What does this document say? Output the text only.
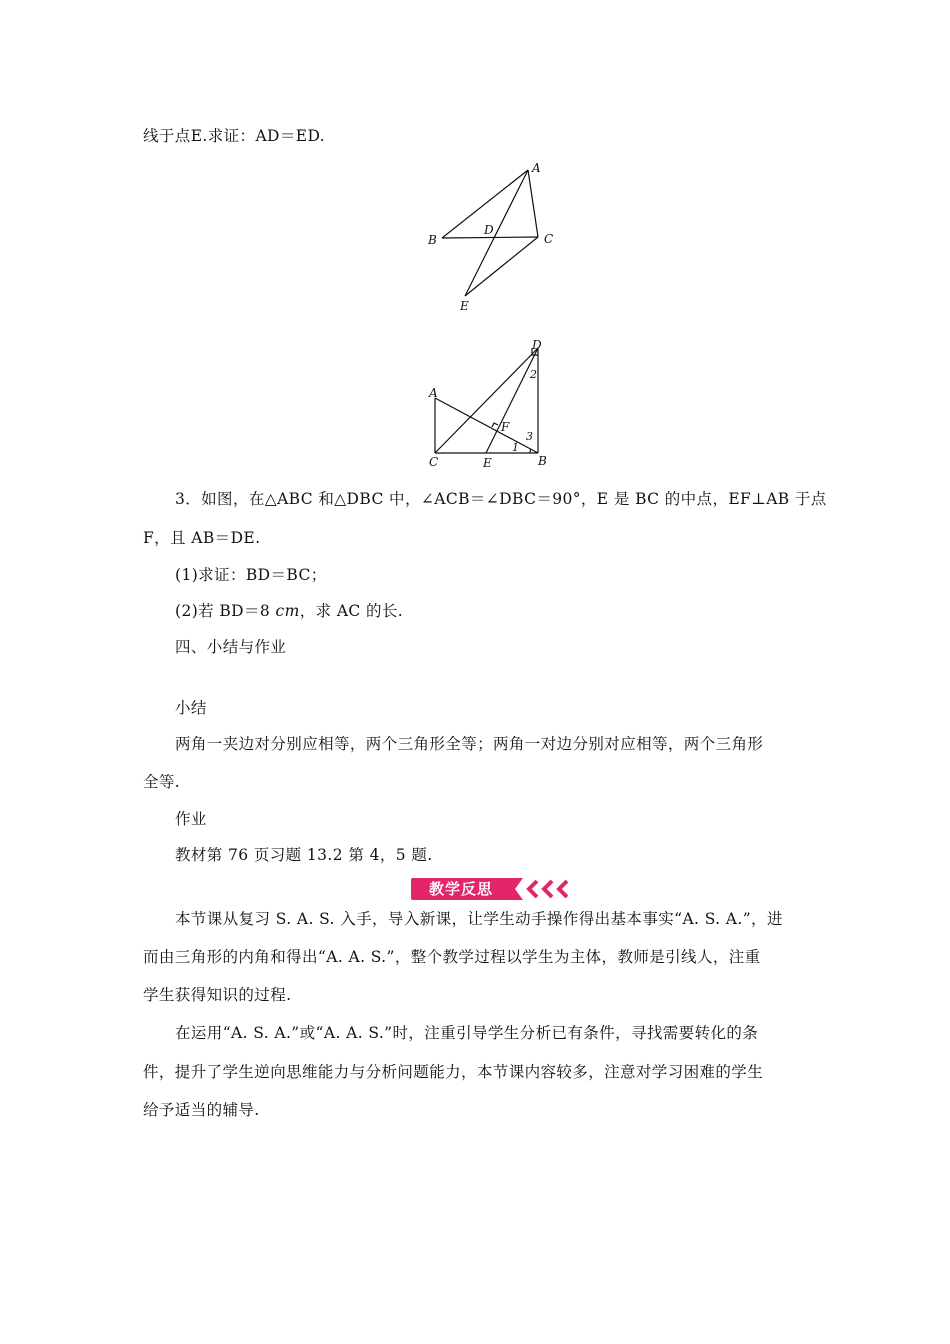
线于点E.求证：AD＝ED.
A
B	C
D
E
D
A
C	E	B
F
1
2
3
3．如图，在△ABC 和△DBC 中，∠ACB＝∠DBC＝90°，E 是 BC 的中点，EF⊥AB 于点
F，且 AB＝DE.
(1)求证：BD＝BC；
(2)若 BD＝8 cm，求 AC 的长.
四、小结与作业
小结
两角一夹边对分别应相等，两个三角形全等；两角一对边分别对应相等，两个三角形
全等.
作业
教材第 76 页习题 13.2 第 4，5 题.
教学反思
本节课从复习 S. A. S. 入手，导入新课，让学生动手操作得出基本事实“A. S. A.”，进
而由三角形的内角和得出“A. A. S.”，整个教学过程以学生为主体，教师是引线人，注重
学生获得知识的过程.
在运用“A. S. A.”或“A. A. S.”时，注重引导学生分析已有条件，寻找需要转化的条
件，提升了学生逆向思维能力与分析问题能力，本节课内容较多，注意对学习困难的学生
给予适当的辅导.
